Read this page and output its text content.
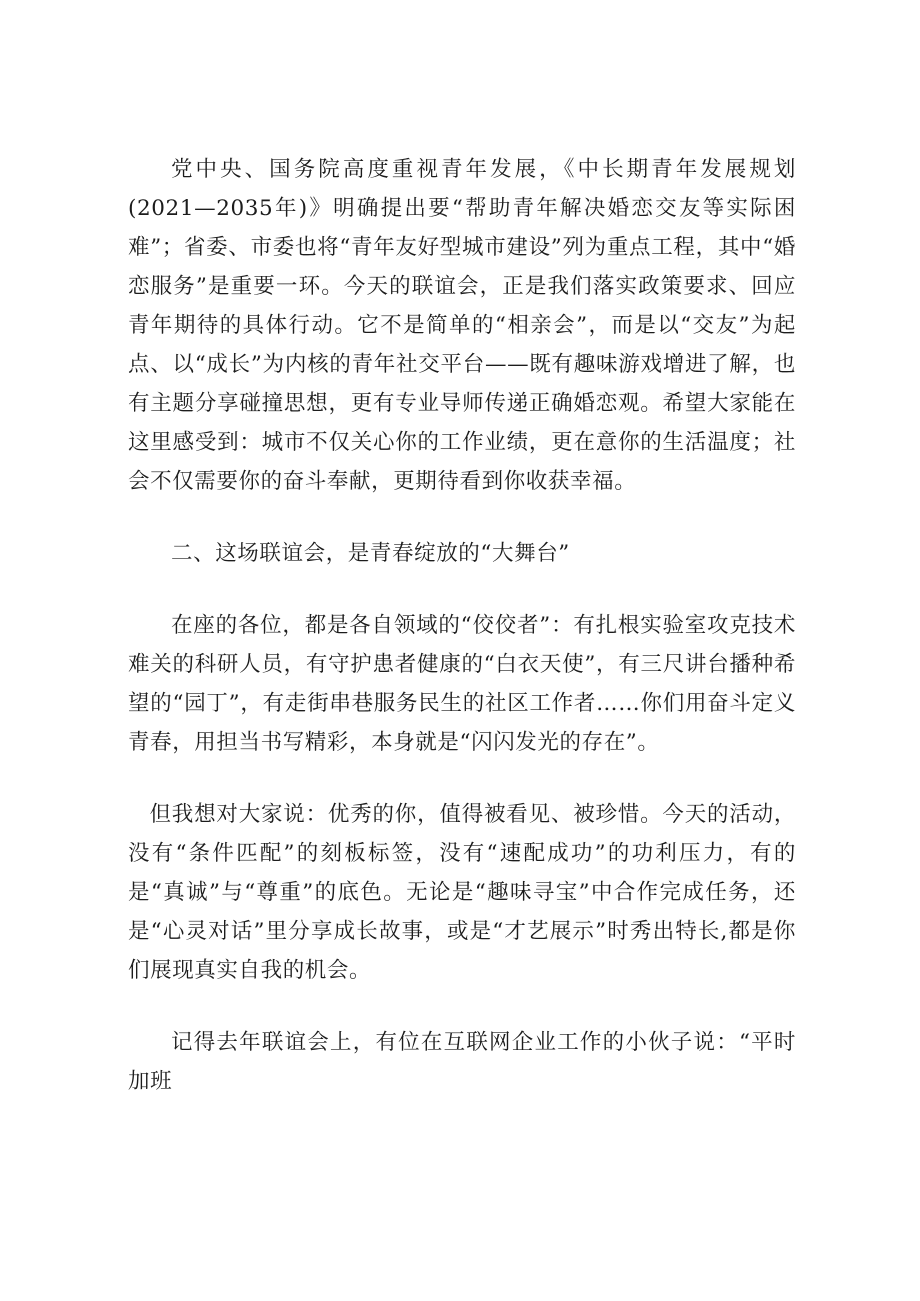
党中央、国务院高度重视青年发展，《中长期青年发展规划(2021—2035年)》明确提出要“帮助青年解决婚恋交友等实际困难”；省委、市委也将“青年友好型城市建设”列为重点工程，其中“婚恋服务”是重要一环。今天的联谊会，正是我们落实政策要求、回应青年期待的具体行动。它不是简单的“相亲会”，而是以“交友”为起点、以“成长”为内核的青年社交平台——既有趣味游戏增进了解，也有主题分享碰撞思想，更有专业导师传递正确婚恋观。希望大家能在这里感受到：城市不仅关心你的工作业绩，更在意你的生活温度；社会不仅需要你的奋斗奉献，更期待看到你收获幸福。

二、这场联谊会，是青春绽放的“大舞台”

在座的各位，都是各自领域的“佼佼者”：有扎根实验室攻克技术难关的科研人员，有守护患者健康的“白衣天使”，有三尺讲台播种希望的“园丁”，有走街串巷服务民生的社区工作者……你们用奋斗定义青春，用担当书写精彩，本身就是“闪闪发光的存在”。

但我想对大家说：优秀的你，值得被看见、被珍惜。今天的活动，没有“条件匹配”的刻板标签，没有“速配成功”的功利压力，有的是“真诚”与“尊重”的底色。无论是“趣味寻宝”中合作完成任务，还是“心灵对话”里分享成长故事，或是“才艺展示”时秀出特长,都是你们展现真实自我的机会。

记得去年联谊会上，有位在互联网企业工作的小伙子说：“平时加班
